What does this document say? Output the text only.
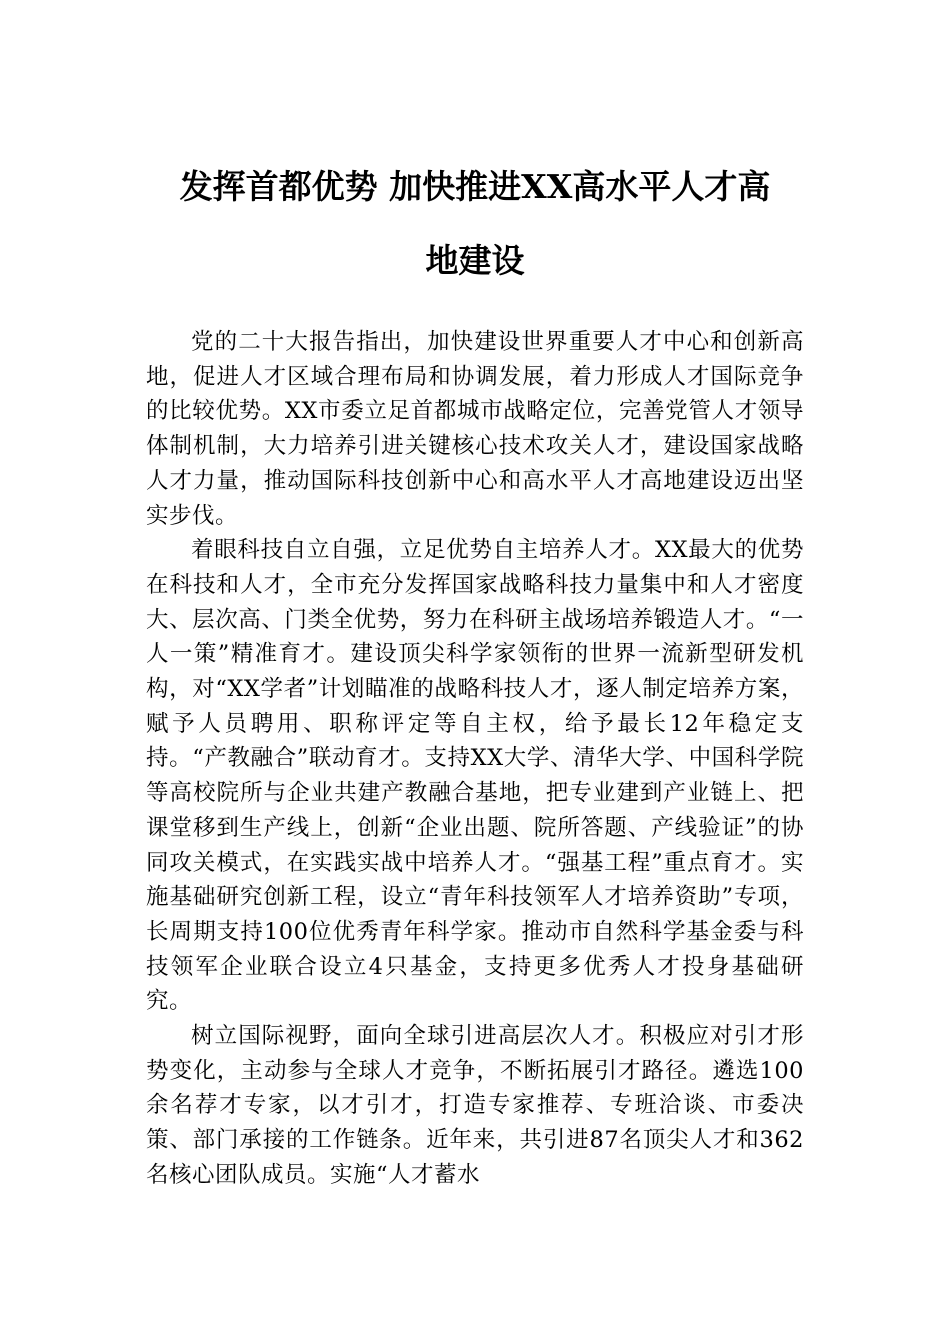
发挥首都优势 加快推进XX高水平人才高
地建设

党的二十大报告指出，加快建设世界重要人才中心和创新高地，促进人才区域合理布局和协调发展，着力形成人才国际竞争的比较优势。XX市委立足首都城市战略定位，完善党管人才领导体制机制，大力培养引进关键核心技术攻关人才，建设国家战略人才力量，推动国际科技创新中心和高水平人才高地建设迈出坚实步伐。

着眼科技自立自强，立足优势自主培养人才。XX最大的优势在科技和人才，全市充分发挥国家战略科技力量集中和人才密度大、层次高、门类全优势，努力在科研主战场培养锻造人才。“一人一策”精准育才。建设顶尖科学家领衔的世界一流新型研发机构，对“XX学者”计划瞄准的战略科技人才，逐人制定培养方案，赋予人员聘用、职称评定等自主权，给予最长12年稳定支持。“产教融合”联动育才。支持XX大学、清华大学、中国科学院等高校院所与企业共建产教融合基地，把专业建到产业链上、把课堂移到生产线上，创新“企业出题、院所答题、产线验证”的协同攻关模式，在实践实战中培养人才。“强基工程”重点育才。实施基础研究创新工程，设立“青年科技领军人才培养资助”专项，长周期支持100位优秀青年科学家。推动市自然科学基金委与科技领军企业联合设立4只基金，支持更多优秀人才投身基础研究。

树立国际视野，面向全球引进高层次人才。积极应对引才形势变化，主动参与全球人才竞争，不断拓展引才路径。遴选100余名荐才专家，以才引才，打造专家推荐、专班洽谈、市委决策、部门承接的工作链条。近年来，共引进87名顶尖人才和362名核心团队成员。实施“人才蓄水
